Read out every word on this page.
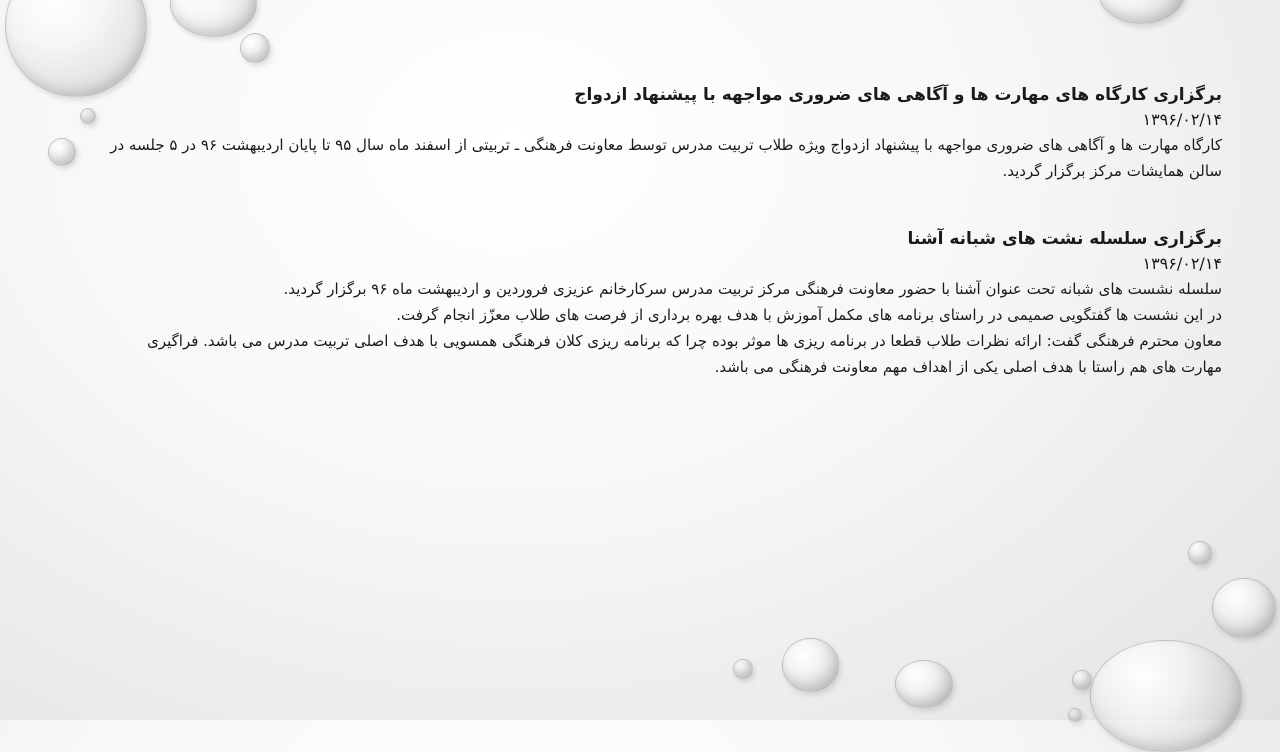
برگزاری کارگاه های مهارت ها و آگاهی های ضروری مواجهه با پیشنهاد ازدواج

۱۳۹۶/۰۲/۱۴

کارگاه مهارت ها و آگاهی های ضروری مواجهه با پیشنهاد ازدواج ویژه طلاب تربیت مدرس توسط معاونت فرهنگی ـ تربیتی از اسفند ماه سال ۹۵ تا پایان اردیبهشت ۹۶ در ۵ جلسه در سالن همایشات مرکز برگزار گردید.

برگزاری سلسله نشت های شبانه آشنا

۱۳۹۶/۰۲/۱۴

سلسله نشست های شبانه تحت عنوان آشنا با حضور معاونت فرهنگی مرکز تربیت مدرس سرکارخانم عزیزی فروردین و اردیبهشت ماه ۹۶ برگزار گردید.

در این نشست ها گفتگویی صمیمی در راستای برنامه های مکمل آموزش با هدف بهره برداری از فرصت های طلاب معزّز انجام گرفت.

معاون محترم فرهنگی گفت: ارائه نظرات طلاب قطعا در برنامه ریزی ها موثر بوده چرا که برنامه ریزی کلان فرهنگی همسویی با هدف اصلی تربیت مدرس می باشد. فراگیری مهارت های هم راستا با هدف اصلی یکی از اهداف مهم معاونت فرهنگی می باشد.
